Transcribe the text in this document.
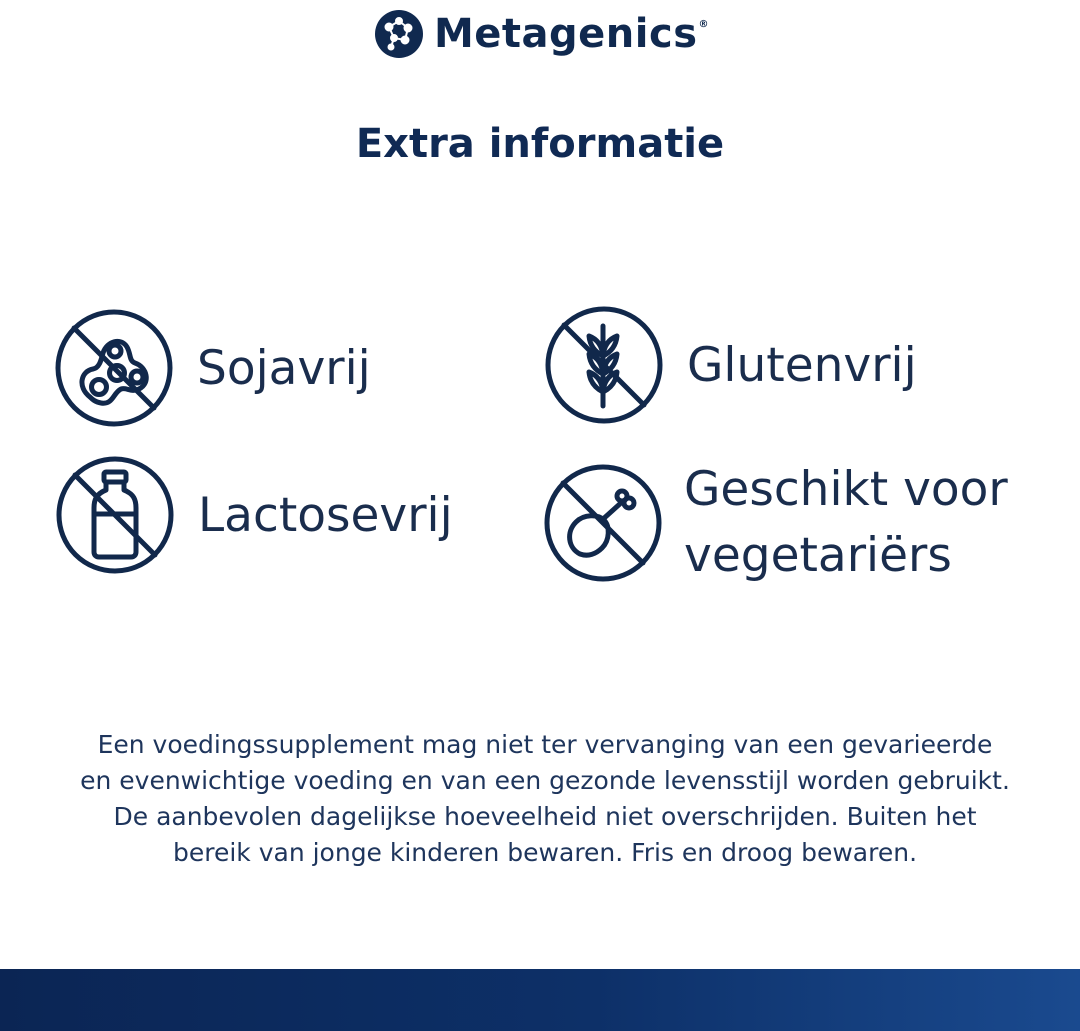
Metagenics®
Extra informatie
Sojavrij	Glutenvrij
Lactosevrij	Geschikt voor
vegetariërs

Een voedingssupplement mag niet ter vervanging van een gevarieerde en evenwichtige voeding en van een gezonde levensstijl worden gebruikt. De aanbevolen dagelijkse hoeveelheid niet overschrijden. Buiten het bereik van jonge kinderen bewaren. Fris en droog bewaren.
